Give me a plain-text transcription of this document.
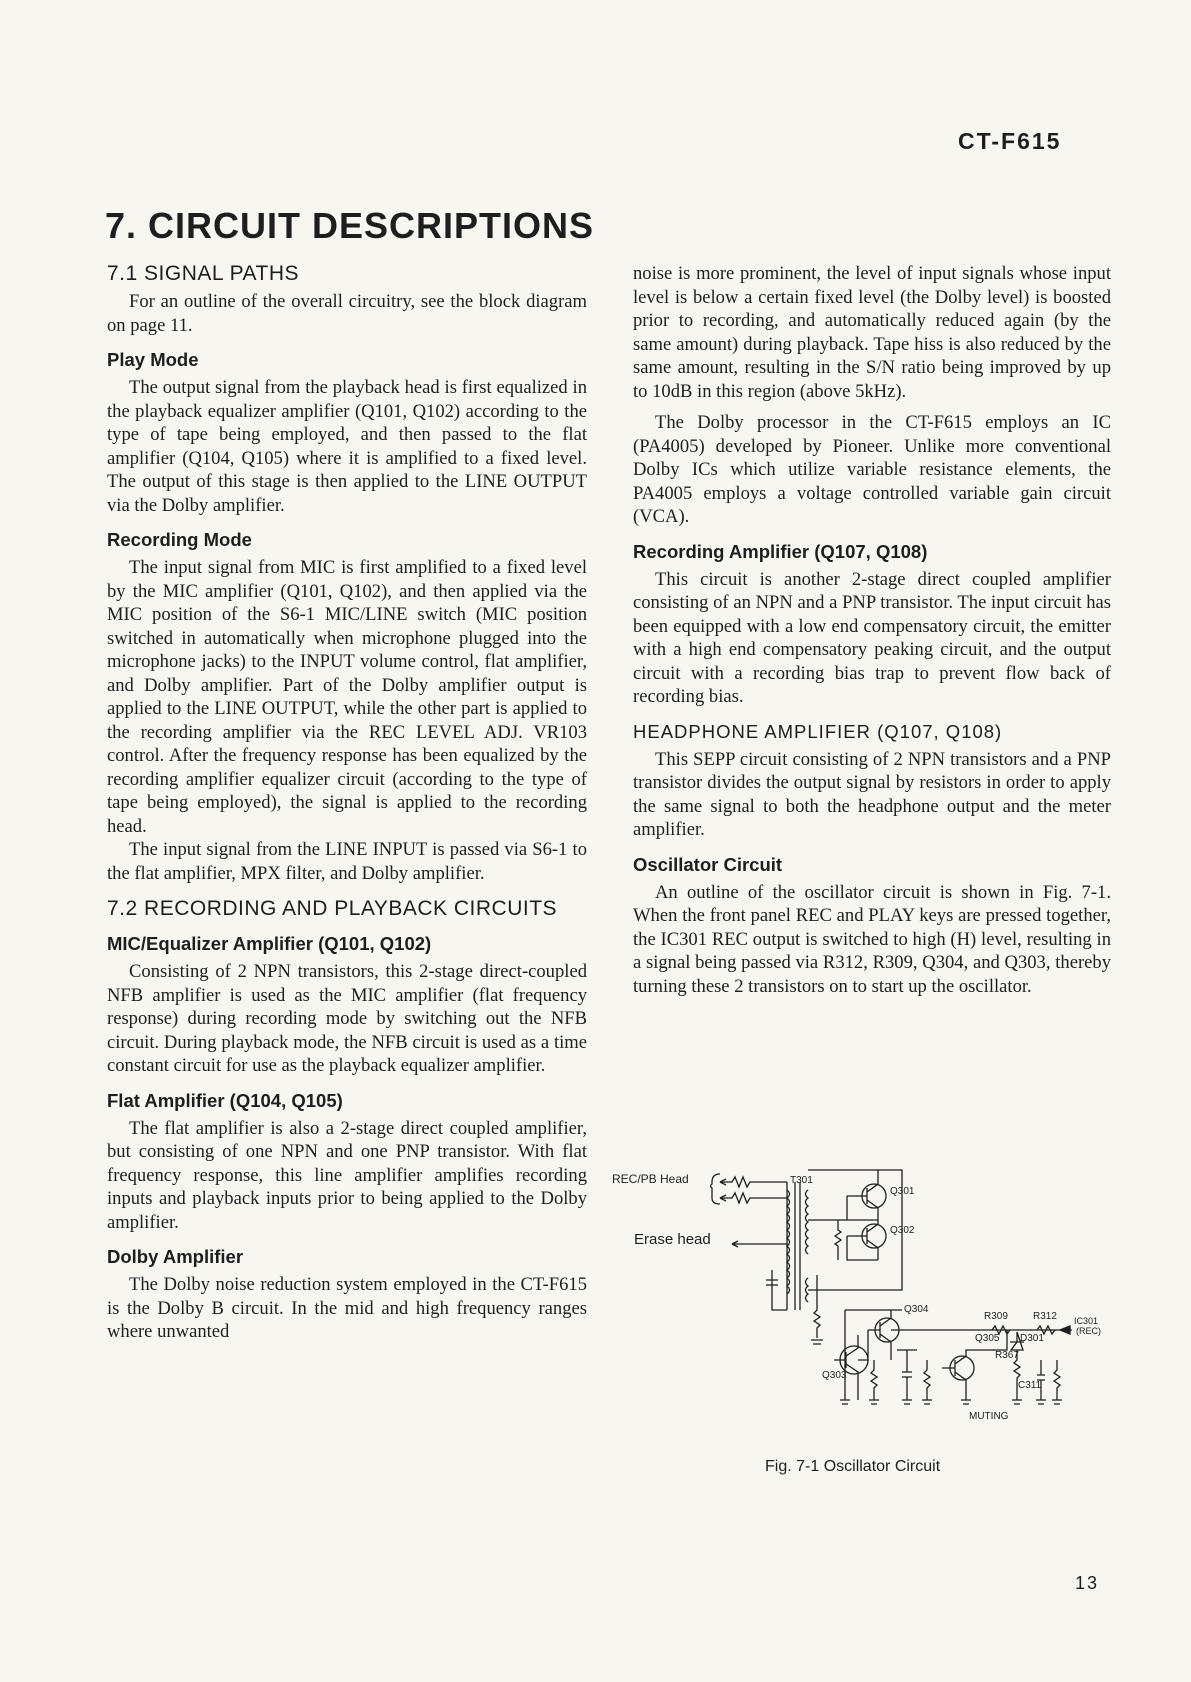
CT-F615
7. CIRCUIT DESCRIPTIONS
7.1 SIGNAL PATHS

For an outline of the overall circuitry, see the block diagram on page 11.

Play Mode

The output signal from the playback head is first equalized in the playback equalizer amplifier (Q101, Q102) according to the type of tape being employed, and then passed to the flat amplifier (Q104, Q105) where it is amplified to a fixed level. The output of this stage is then applied to the LINE OUTPUT via the Dolby amplifier.

Recording Mode

The input signal from MIC is first amplified to a fixed level by the MIC amplifier (Q101, Q102), and then applied via the MIC position of the S6-1 MIC/LINE switch (MIC position switched in automatically when microphone plugged into the microphone jacks) to the INPUT volume control, flat amplifier, and Dolby amplifier. Part of the Dolby amplifier output is applied to the LINE OUTPUT, while the other part is applied to the recording amplifier via the REC LEVEL ADJ. VR103 control. After the frequency response has been equalized by the recording amplifier equalizer circuit (according to the type of tape being employed), the signal is applied to the recording head.

The input signal from the LINE INPUT is passed via S6-1 to the flat amplifier, MPX filter, and Dolby amplifier.

7.2 RECORDING AND PLAYBACK CIRCUITS
MIC/Equalizer Amplifier (Q101, Q102)

Consisting of 2 NPN transistors, this 2-stage direct-coupled NFB amplifier is used as the MIC amplifier (flat frequency response) during recording mode by switching out the NFB circuit. During playback mode, the NFB circuit is used as a time constant circuit for use as the playback equalizer amplifier.

Flat Amplifier (Q104, Q105)

The flat amplifier is also a 2-stage direct coupled amplifier, but consisting of one NPN and one PNP transistor. With flat frequency response, this line amplifier amplifies recording inputs and playback inputs prior to being applied to the Dolby amplifier.

Dolby Amplifier

The Dolby noise reduction system employed in the CT-F615 is the Dolby B circuit. In the mid and high frequency ranges where unwanted

noise is more prominent, the level of input signals whose input level is below a certain fixed level (the Dolby level) is boosted prior to recording, and automatically reduced again (by the same amount) during playback. Tape hiss is also reduced by the same amount, resulting in the S/N ratio being improved by up to 10dB in this region (above 5kHz).

The Dolby processor in the CT-F615 employs an IC (PA4005) developed by Pioneer. Unlike more conventional Dolby ICs which utilize variable resistance elements, the PA4005 employs a voltage controlled variable gain circuit (VCA).

Recording Amplifier (Q107, Q108)

This circuit is another 2-stage direct coupled amplifier consisting of an NPN and a PNP transistor. The input circuit has been equipped with a low end compensatory circuit, the emitter with a high end compensatory peaking circuit, and the output circuit with a recording bias trap to prevent flow back of recording bias.

HEADPHONE AMPLIFIER (Q107, Q108)

This SEPP circuit consisting of 2 NPN transistors and a PNP transistor divides the output signal by resistors in order to apply the same signal to both the headphone output and the meter amplifier.

Oscillator Circuit

An outline of the oscillator circuit is shown in Fig. 7-1. When the front panel REC and PLAY keys are pressed together, the IC301 REC output is switched to high (H) level, resulting in a signal being passed via R312, R309, Q304, and Q303, thereby turning these 2 transistors on to start up the oscillator.

REC/PB Head
Erase head
T301
Q301
Q302
Q304
Q303
R309	R312
Q305 D301
R367
C311
IC301
(REC)
MUTING
Fig. 7-1 Oscillator Circuit
13
